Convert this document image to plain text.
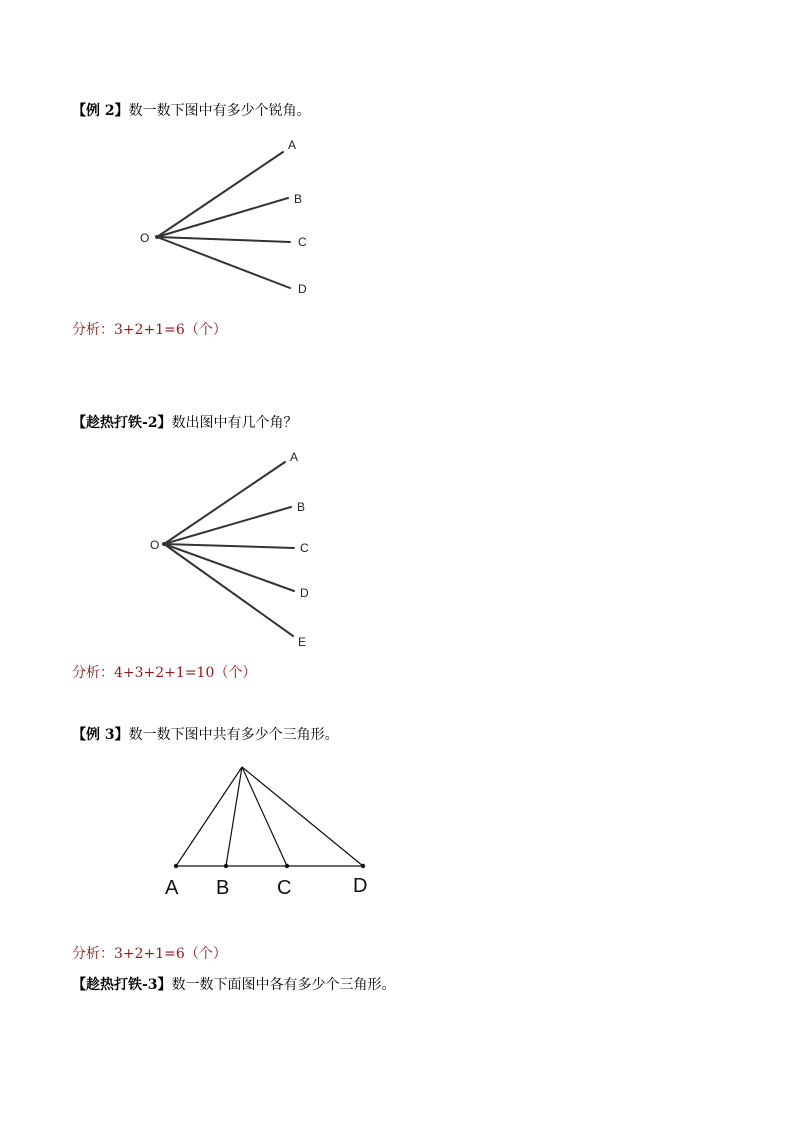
【例 2】数一数下图中有多少个锐角。
O
A
B
C
D
分析：3+2+1=6（个）
【趁热打铁-2】数出图中有几个角？
O
A
B
C
D
E
分析：4+3+2+1=10（个）
【例 3】数一数下图中共有多少个三角形。
A B C	D
分析：3+2+1=6（个）
【趁热打铁-3】数一数下面图中各有多少个三角形。
